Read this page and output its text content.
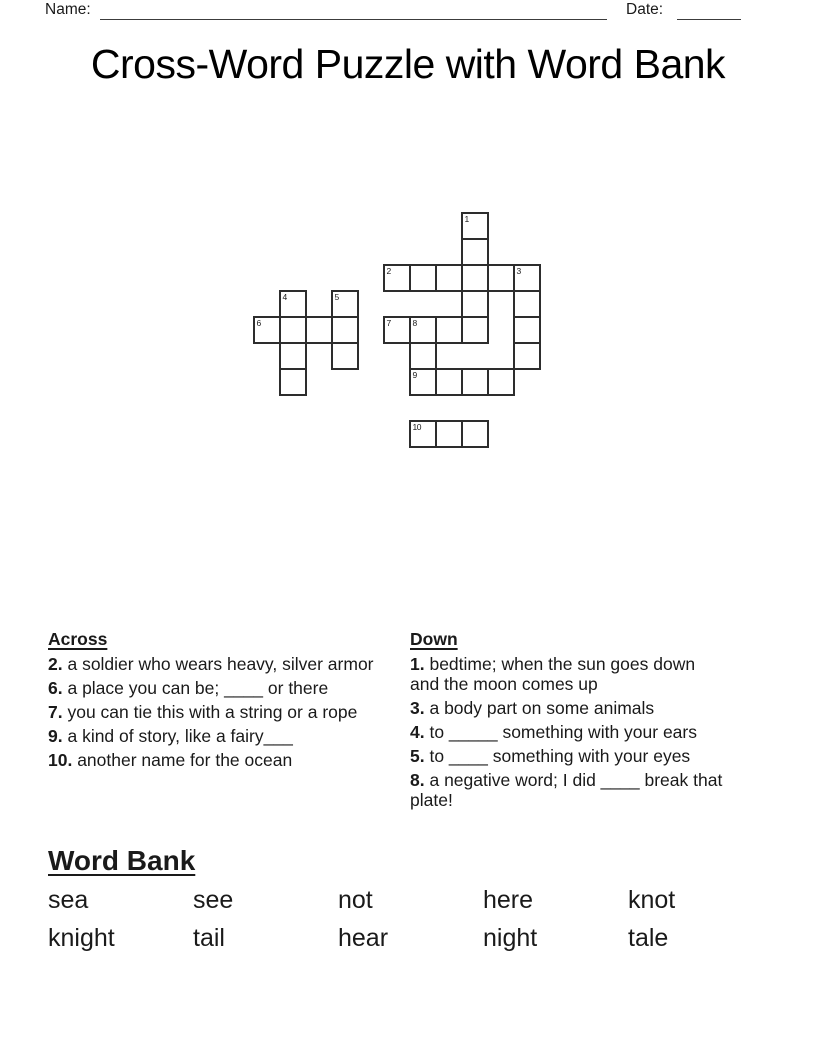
Name:	Date:
Cross-Word Puzzle with Word Bank
1
2	3
4	5
6	7	8
9
10

Across

2. a soldier who wears heavy, silver armor

6. a place you can be; ____ or there

7. you can tie this with a string or a rope

9. a kind of story, like a fairy___

10. another name for the ocean

Down

1. bedtime; when the sun goes down and the moon comes up

3. a body part on some animals

4. to _____ something with your ears

5. to ____ something with your eyes

8. a negative word; I did ____ break that plate!

Word Bank
sea	see	not	here	knot
knight	tail	hear	night	tale
